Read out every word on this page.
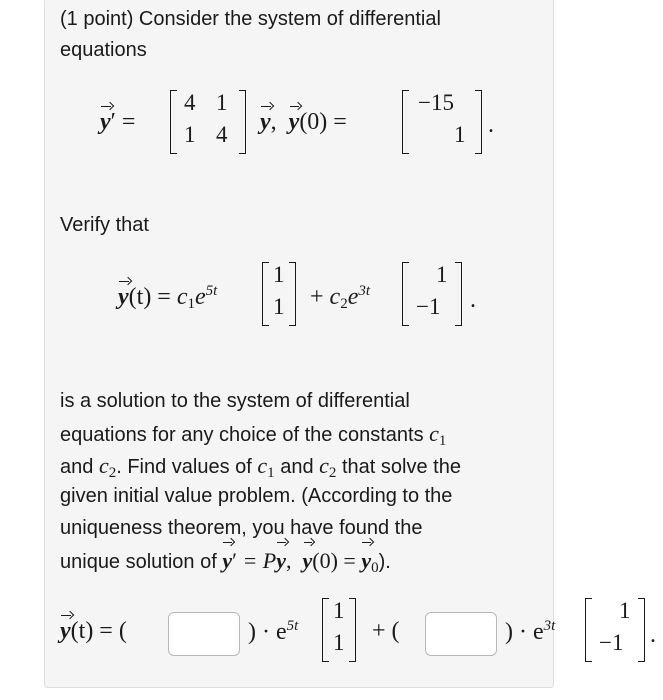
(1 point) Consider the system of differential
equations
y′ =
4 1
1 4 y,  y(0) =
−15
1 .
Verify that
$y(t) = c_1e^{5t}$
1
$1 + c_2e^{3t}$
1
−1 .
is a solution to the system of differential
equations for any choice of the constants $c_1$
and $c_2$. Find values of $c_1$ and $c_2$ that solve the
given initial value problem. (According to the
uniqueness theorem, you have found the
unique solution of y′ = Py,  $y(0) = y_0$).
y(t) = (	) · $e^{5t}$
1
1 + (	) · $e^{3t}$
1
−1 .
